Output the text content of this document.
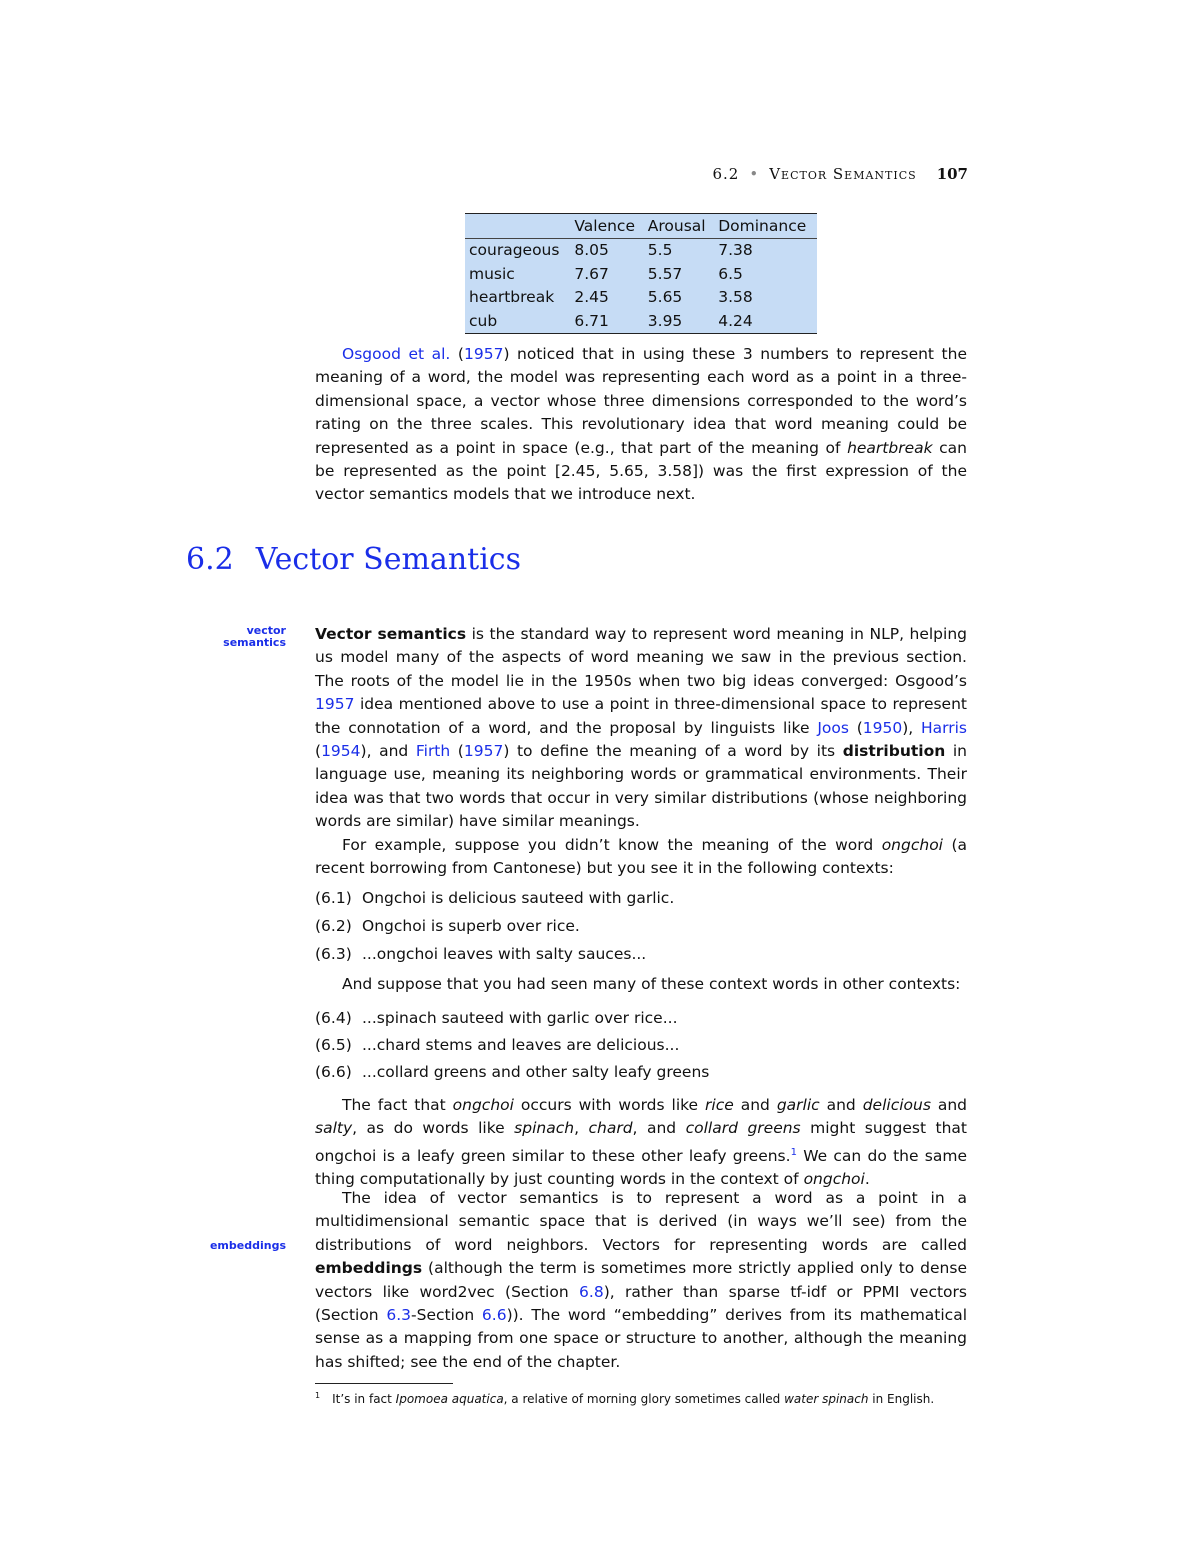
6.2 • Vector Semantics 107
	Valence	Arousal	Dominance
courageous	8.05	5.5	7.38
music	7.67	5.57	6.5
heartbreak	2.45	5.65	3.58
cub	6.71	3.95	4.24
Osgood et al. (1957) noticed that in using these 3 numbers to represent the meaning of a word, the model was representing each word as a point in a three-dimensional space, a vector whose three dimensions corresponded to the word’s rating on the three scales. This revolutionary idea that word meaning could be represented as a point in space (e.g., that part of the meaning of heartbreak can be represented as the point [2.45, 5.65, 3.58]) was the first expression of the vector semantics models that we introduce next.
6.2 Vector Semantics
vector
semantics
embeddings
Vector semantics is the standard way to represent word meaning in NLP, helping us model many of the aspects of word meaning we saw in the previous section. The roots of the model lie in the 1950s when two big ideas converged: Osgood’s 1957 idea mentioned above to use a point in three-dimensional space to represent the connotation of a word, and the proposal by linguists like Joos (1950), Harris (1954), and Firth (1957) to define the meaning of a word by its distribution in language use, meaning its neighboring words or grammatical environments. Their idea was that two words that occur in very similar distributions (whose neighboring words are similar) have similar meanings.
For example, suppose you didn’t know the meaning of the word ongchoi (a recent borrowing from Cantonese) but you see it in the following contexts:
(6.1) Ongchoi is delicious sauteed with garlic.
(6.2) Ongchoi is superb over rice.
(6.3) ...ongchoi leaves with salty sauces...
And suppose that you had seen many of these context words in other contexts:
(6.4) ...spinach sauteed with garlic over rice...
(6.5) ...chard stems and leaves are delicious...
(6.6) ...collard greens and other salty leafy greens
The fact that ongchoi occurs with words like rice and garlic and delicious and salty, as do words like spinach, chard, and collard greens might suggest that ongchoi is a leafy green similar to these other leafy greens.$^1$ We can do the same thing computationally by just counting words in the context of ongchoi.
The idea of vector semantics is to represent a word as a point in a multidimensional semantic space that is derived (in ways we’ll see) from the distributions of word neighbors. Vectors for representing words are called embeddings (although the term is sometimes more strictly applied only to dense vectors like word2vec (Section 6.8), rather than sparse tf-idf or PPMI vectors (Section 6.3-Section 6.6)). The word “embedding” derives from its mathematical sense as a mapping from one space or structure to another, although the meaning has shifted; see the end of the chapter.
$^1$ It’s in fact Ipomoea aquatica, a relative of morning glory sometimes called water spinach in English.
